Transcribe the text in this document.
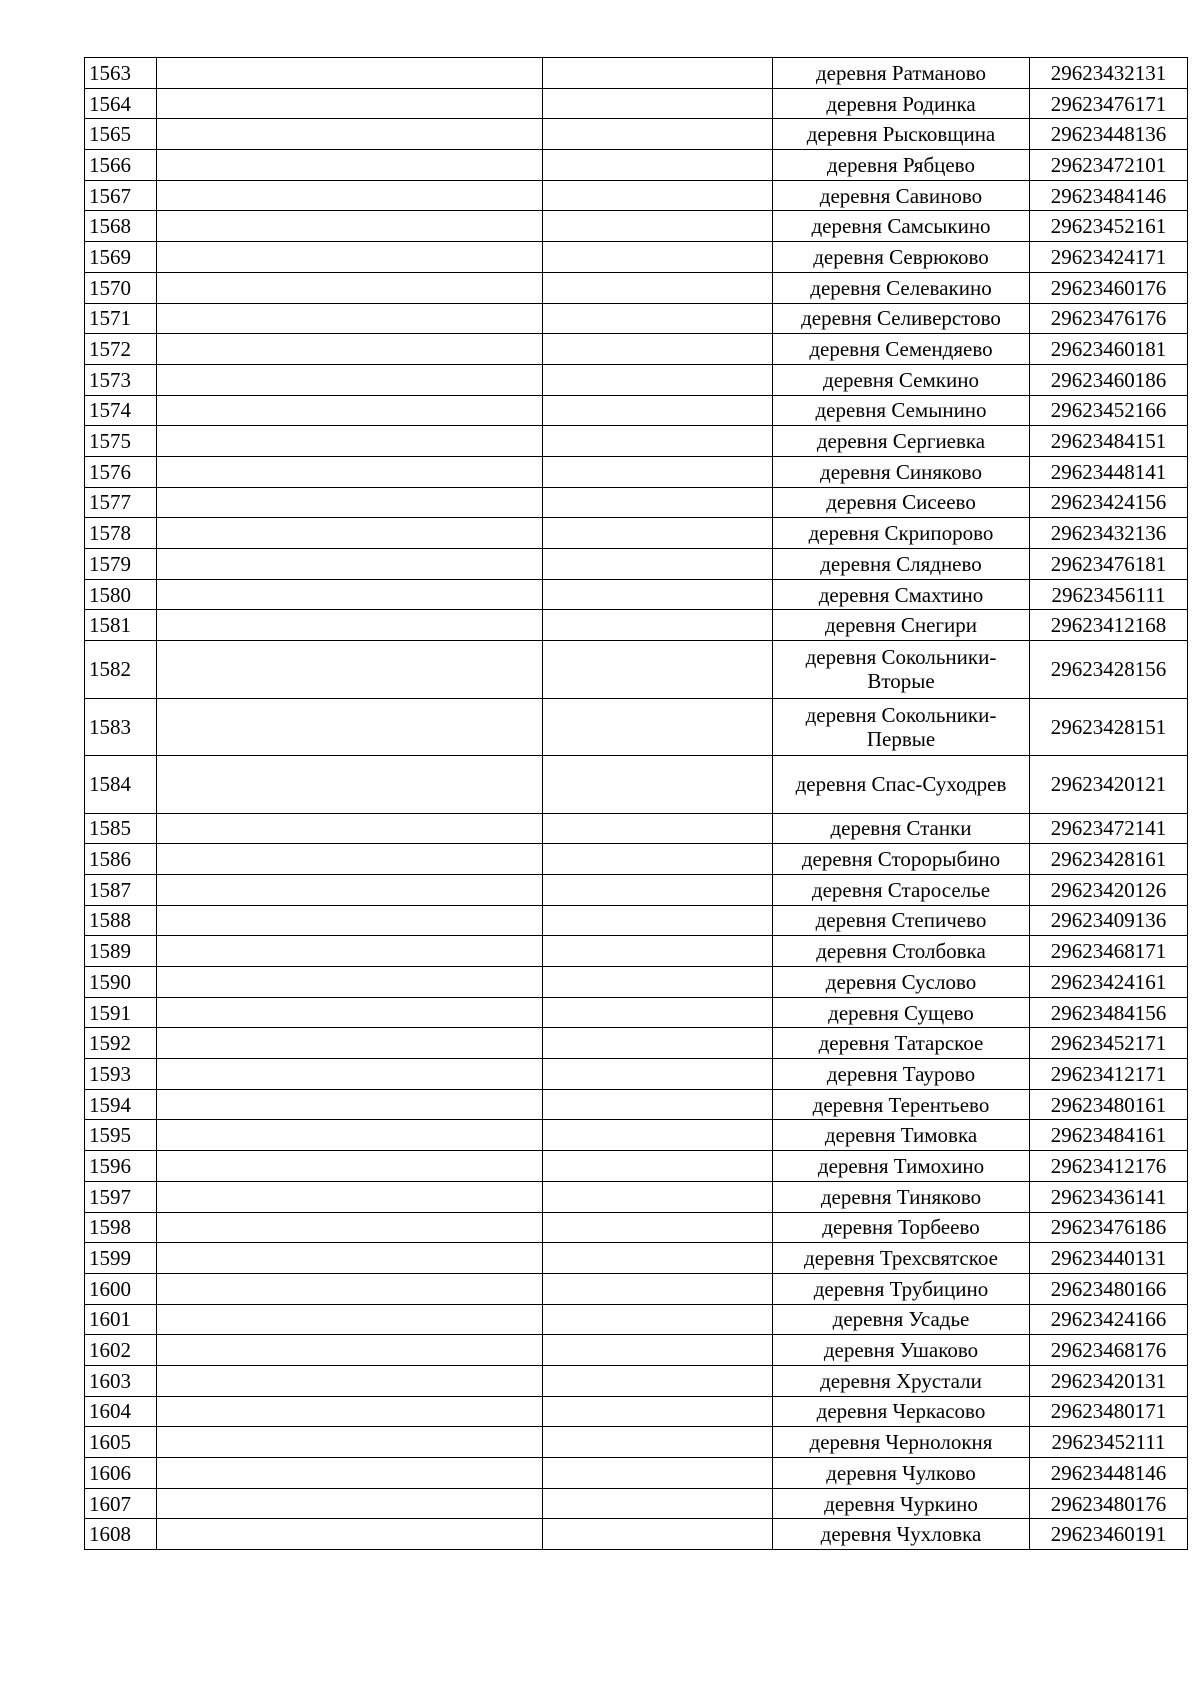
1563			деревня Ратманово	29623432131
1564			деревня Родинка	29623476171
1565			деревня Рысковщина	29623448136
1566			деревня Рябцево	29623472101
1567			деревня Савиново	29623484146
1568			деревня Самсыкино	29623452161
1569			деревня Севрюково	29623424171
1570			деревня Селевакино	29623460176
1571			деревня Селиверстово	29623476176
1572			деревня Семендяево	29623460181
1573			деревня Семкино	29623460186
1574			деревня Семынино	29623452166
1575			деревня Сергиевка	29623484151
1576			деревня Синяково	29623448141
1577			деревня Сисеево	29623424156
1578			деревня Скрипорово	29623432136
1579			деревня Сляднево	29623476181
1580			деревня Смахтино	29623456111
1581			деревня Снегири	29623412168
1582			деревня Сокольники-Вторые	29623428156
1583			деревня Сокольники-Первые	29623428151
1584			деревня Спас-Суходрев	29623420121
1585			деревня Станки	29623472141
1586			деревня Сторорыбино	29623428161
1587			деревня Староселье	29623420126
1588			деревня Степичево	29623409136
1589			деревня Столбовка	29623468171
1590			деревня Суслово	29623424161
1591			деревня Сущево	29623484156
1592			деревня Татарское	29623452171
1593			деревня Таурово	29623412171
1594			деревня Терентьево	29623480161
1595			деревня Тимовка	29623484161
1596			деревня Тимохино	29623412176
1597			деревня Тиняково	29623436141
1598			деревня Торбеево	29623476186
1599			деревня Трехсвятское	29623440131
1600			деревня Трубицино	29623480166
1601			деревня Усадье	29623424166
1602			деревня Ушаково	29623468176
1603			деревня Хрустали	29623420131
1604			деревня Черкасово	29623480171
1605			деревня Чернолокня	29623452111
1606			деревня Чулково	29623448146
1607			деревня Чуркино	29623480176
1608			деревня Чухловка	29623460191
